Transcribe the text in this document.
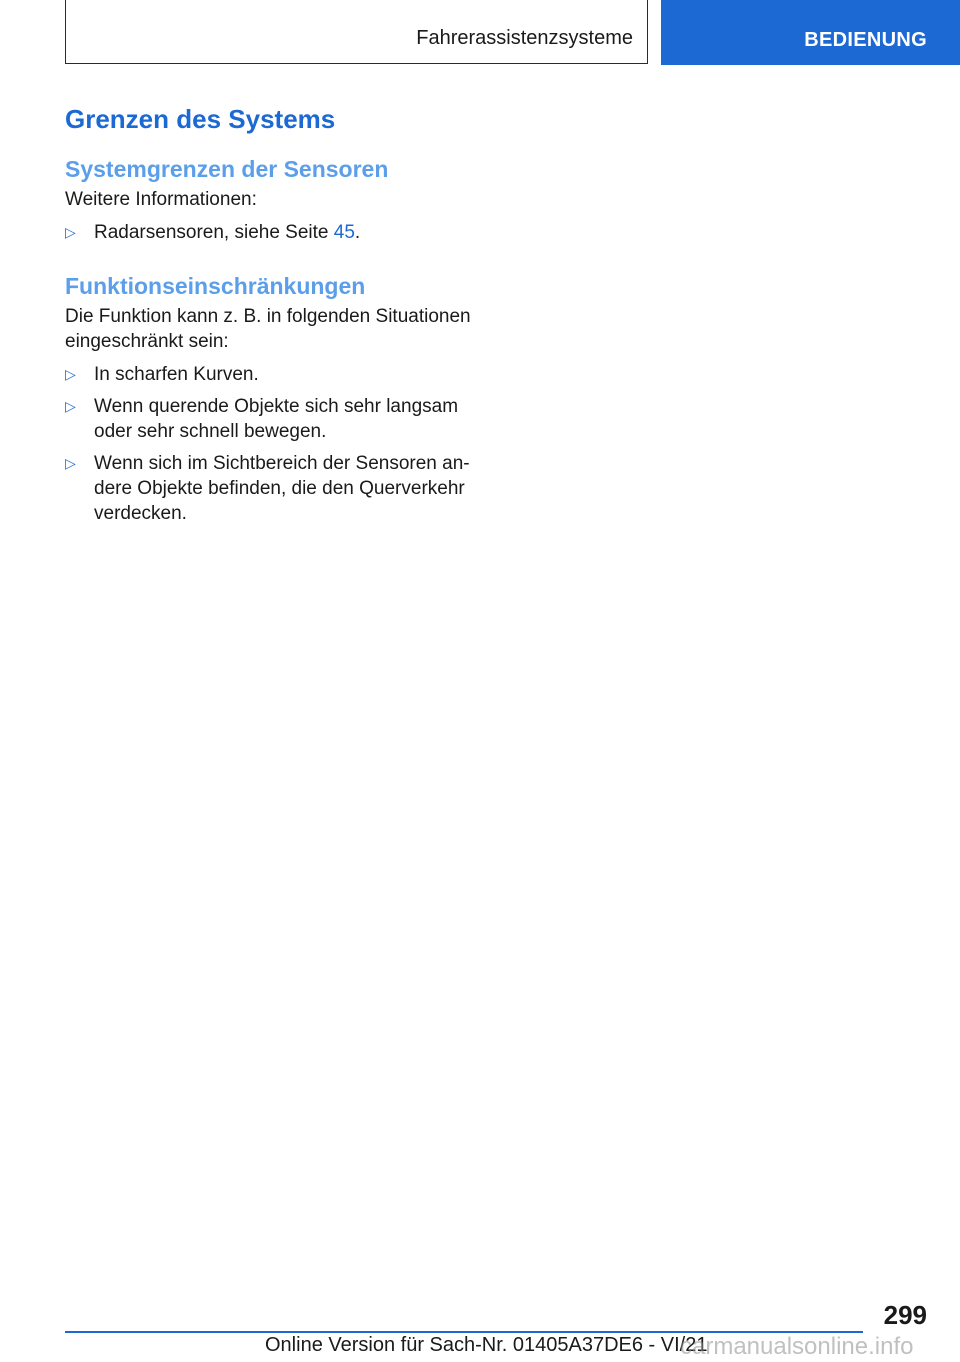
Fahrerassistenzsysteme	BEDIENUNG
Grenzen des Systems
Systemgrenzen der Sensoren

Weitere Informationen:

▷ Radarsensoren, siehe Seite 45.
Funktionseinschränkungen

Die Funktion kann z. B. in folgenden Situationen eingeschränkt sein:

▷ In scharfen Kurven.
▷ Wenn querende Objekte sich sehr langsam oder sehr schnell bewegen.
▷ Wenn sich im Sichtbereich der Sensoren andere Objekte befinden, die den Querverkehr verdecken.
299
Online Version für Sach-Nr. 01405A37DE6 - VI/21
carmanualsonline.info
